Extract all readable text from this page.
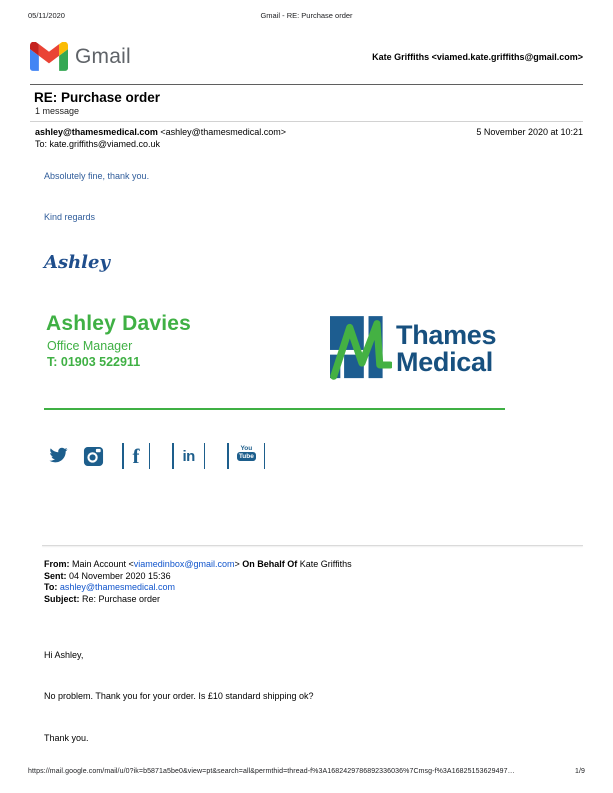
05/11/2020	Gmail - RE: Purchase order
Gmail	Kate Griffiths <viamed.kate.griffiths@gmail.com>
RE: Purchase order
1 message
ashley@thamesmedical.com <ashley@thamesmedical.com>	5 November 2020 at 10:21
To: kate.griffiths@viamed.co.uk
Absolutely fine, thank you.
Kind regards
Ashley
Ashley Davies
Office Manager
T: 01903 522911
Thames
Medical
f	in	You
Tube
From: Main Account <viamedinbox@gmail.com> On Behalf Of Kate Griffiths
Sent: 04 November 2020 15:36
To: ashley@thamesmedical.com
Subject: Re: Purchase order
Hi Ashley,
No problem. Thank you for your order. Is £10 standard shipping ok?
Thank you.
https://mail.google.com/mail/u/0?ik=b5871a5be0&view=pt&search=all&permthid=thread-f%3A1682429786892336036%7Cmsg-f%3A16825153629497…	1/9
